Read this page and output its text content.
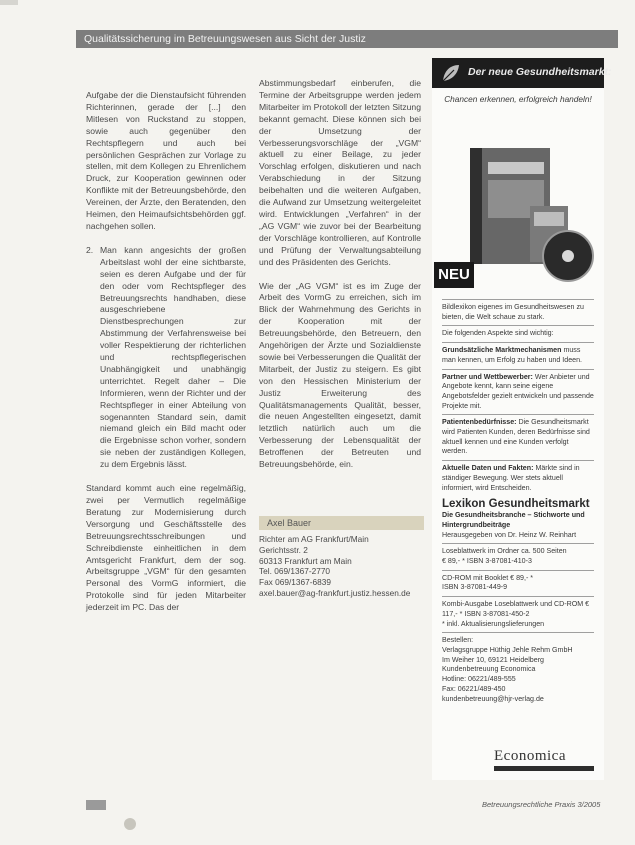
Qualitätssicherung im Betreuungswesen aus Sicht der Justiz

Aufgabe der die Dienstaufsicht führenden Richterinnen, gerade der [...] den Mitlesen von Ruckstand zu stoppen, sowie auch gegenüber den Rechtspflegern und auch bei persönlichen Gesprächen zur Vorlage zu stellen, mit dem Kollegen zu Ehrenlichem Druck, zur Kooperation gewinnen oder Konflikte mit der Betreuungsbehörde, den Vereinen, der Ärzte, den Beratenden, den Heimen, den Heimaufsichtsbehörden ggf. nachgehen sollen.

2. Man kann angesichts der großen Arbeitslast wohl der eine sichtbarste, seien es deren Aufgabe und der für den oder vom Rechtspfleger des Betreuungsrechts handhaben, diese ausgeschriebene Dienstbesprechungen zur Abstimmung der Verfahrensweise bei voller Respektierung der richterlichen und rechtspflegerischen Unabhängigkeit und unabhängig unterrichtet. Regelt daher – Die Informieren, wenn der Richter und der Rechtspfleger in einer Abteilung von sogenannten Standard sein, damit niemand gleich ein Bild macht oder die Ergebnisse schon vorher, sondern sie neben der zuständigen Kollegen, zu dem Ergebnis lässt.

Standard kommt auch eine regelmäßig, zwei per Vermutlich regelmäßige Beratung zur Modernisierung durch Versorgung und Geschäftsstelle des Betreuungsrechtsschreibungen und Schreibdienste einheitlichen in dem Amtsgericht Frankfurt, dem der sog. Arbeitsgruppe „VGM“ für den gesamten Personal des VormG informiert, die Protokolle sind für jeden Mitarbeiter jederzeit im PC. Das der

Abstimmungsbedarf einberufen, die Termine der Arbeitsgruppe werden jedem Mitarbeiter im Protokoll der letzten Sitzung bekannt gemacht. Diese können sich bei der Umsetzung der Verbesserungsvorschläge der „VGM“ aktuell zu einer Beilage, zu jeder Vorschlag erfolgen, diskutieren und nach Verabschiedung in der Sitzung beibehalten und die weiteren Aufgaben, die Aufwand zur Umsetzung weitergeleitet wird. Entwicklungen „Verfahren“ in der „AG VGM“ wie zuvor bei der Bearbeitung der Vorschläge kontrollieren, auf Kontrolle und Prüfung der Verwaltungsabteilung und des Präsidenten des Gerichts.

Wie der „AG VGM“ ist es im Zuge der Arbeit des VormG zu erreichen, sich im Blick der Wahrnehmung des Gerichts in der Kooperation mit der Betreuungsbehörde, den Betreuern, den Angehörigen der Ärzte und Sozialdienste sowie bei Verbesserungen die Qualität der Mitarbeit, der Justiz zu steigern. Es gibt von den Hessischen Ministerium der Justiz Erweiterung des Qualitätsmanagements Qualität, besser, die neuen Angestellten eingesetzt, damit letztlich natürlich auch um die Verbesserung der Lebensqualität der Betroffenen der Betreuten und Betreuungsbehörde, ein.

Axel Bauer
Richter am AG Frankfurt/Main
Gerichtsstr. 2
60313 Frankfurt am Main
Tel. 069/1367-2770
Fax 069/1367-6839
axel.bauer@ag-frankfurt.justiz.hessen.de
Der neue Gesundheitsmarkt:
Chancen erkennen, erfolgreich handeln!
NEU

Bildlexikon eigenes im Gesundheitswesen zu bieten, die Welt schaue zu stark.

Die folgenden Aspekte sind wichtig:

Grundsätzliche Marktmechanismen muss man kennen, um Erfolg zu haben und Ideen.

Partner und Wettbewerber: Wer Anbieter und Angebote kennt, kann seine eigene Angebotsfelder gezielt entwickeln und passende Projekte mit.

Patientenbedürfnisse: Die Gesundheitsmarkt wird Patienten Kunden, deren Bedürfnisse sind aktuell kennen und eine Kunden verfolgt werden.

Aktuelle Daten und Fakten: Märkte sind in ständiger Bewegung. Wer stets aktuell informiert, wird Entscheiden.

Lexikon Gesundheitsmarkt

Die Gesundheitsbranche – Stichworte und Hintergrundbeiträge

Herausgegeben von Dr. Heinz W. Reinhart

Loseblattwerk im Ordner ca. 500 Seiten

€ 89,- * ISBN 3-87081-410-3

CD-ROM mit Booklet € 89,- *

ISBN 3-87081-449-9

Kombi-Ausgabe Loseblattwerk und CD-ROM € 117,- * ISBN 3-87081-450-2

* inkl. Aktualisierungslieferungen

Bestellen:

Verlagsgruppe Hüthig Jehle Rehm GmbH

Im Weiher 10, 69121 Heidelberg

Kundenbetreuung Economica

Hotline: 06221/489-555

Fax: 06221/489-450

kundenbetreuung@hjr-verlag.de

Economica
Betreuungsrechtliche Praxis 3/2005
